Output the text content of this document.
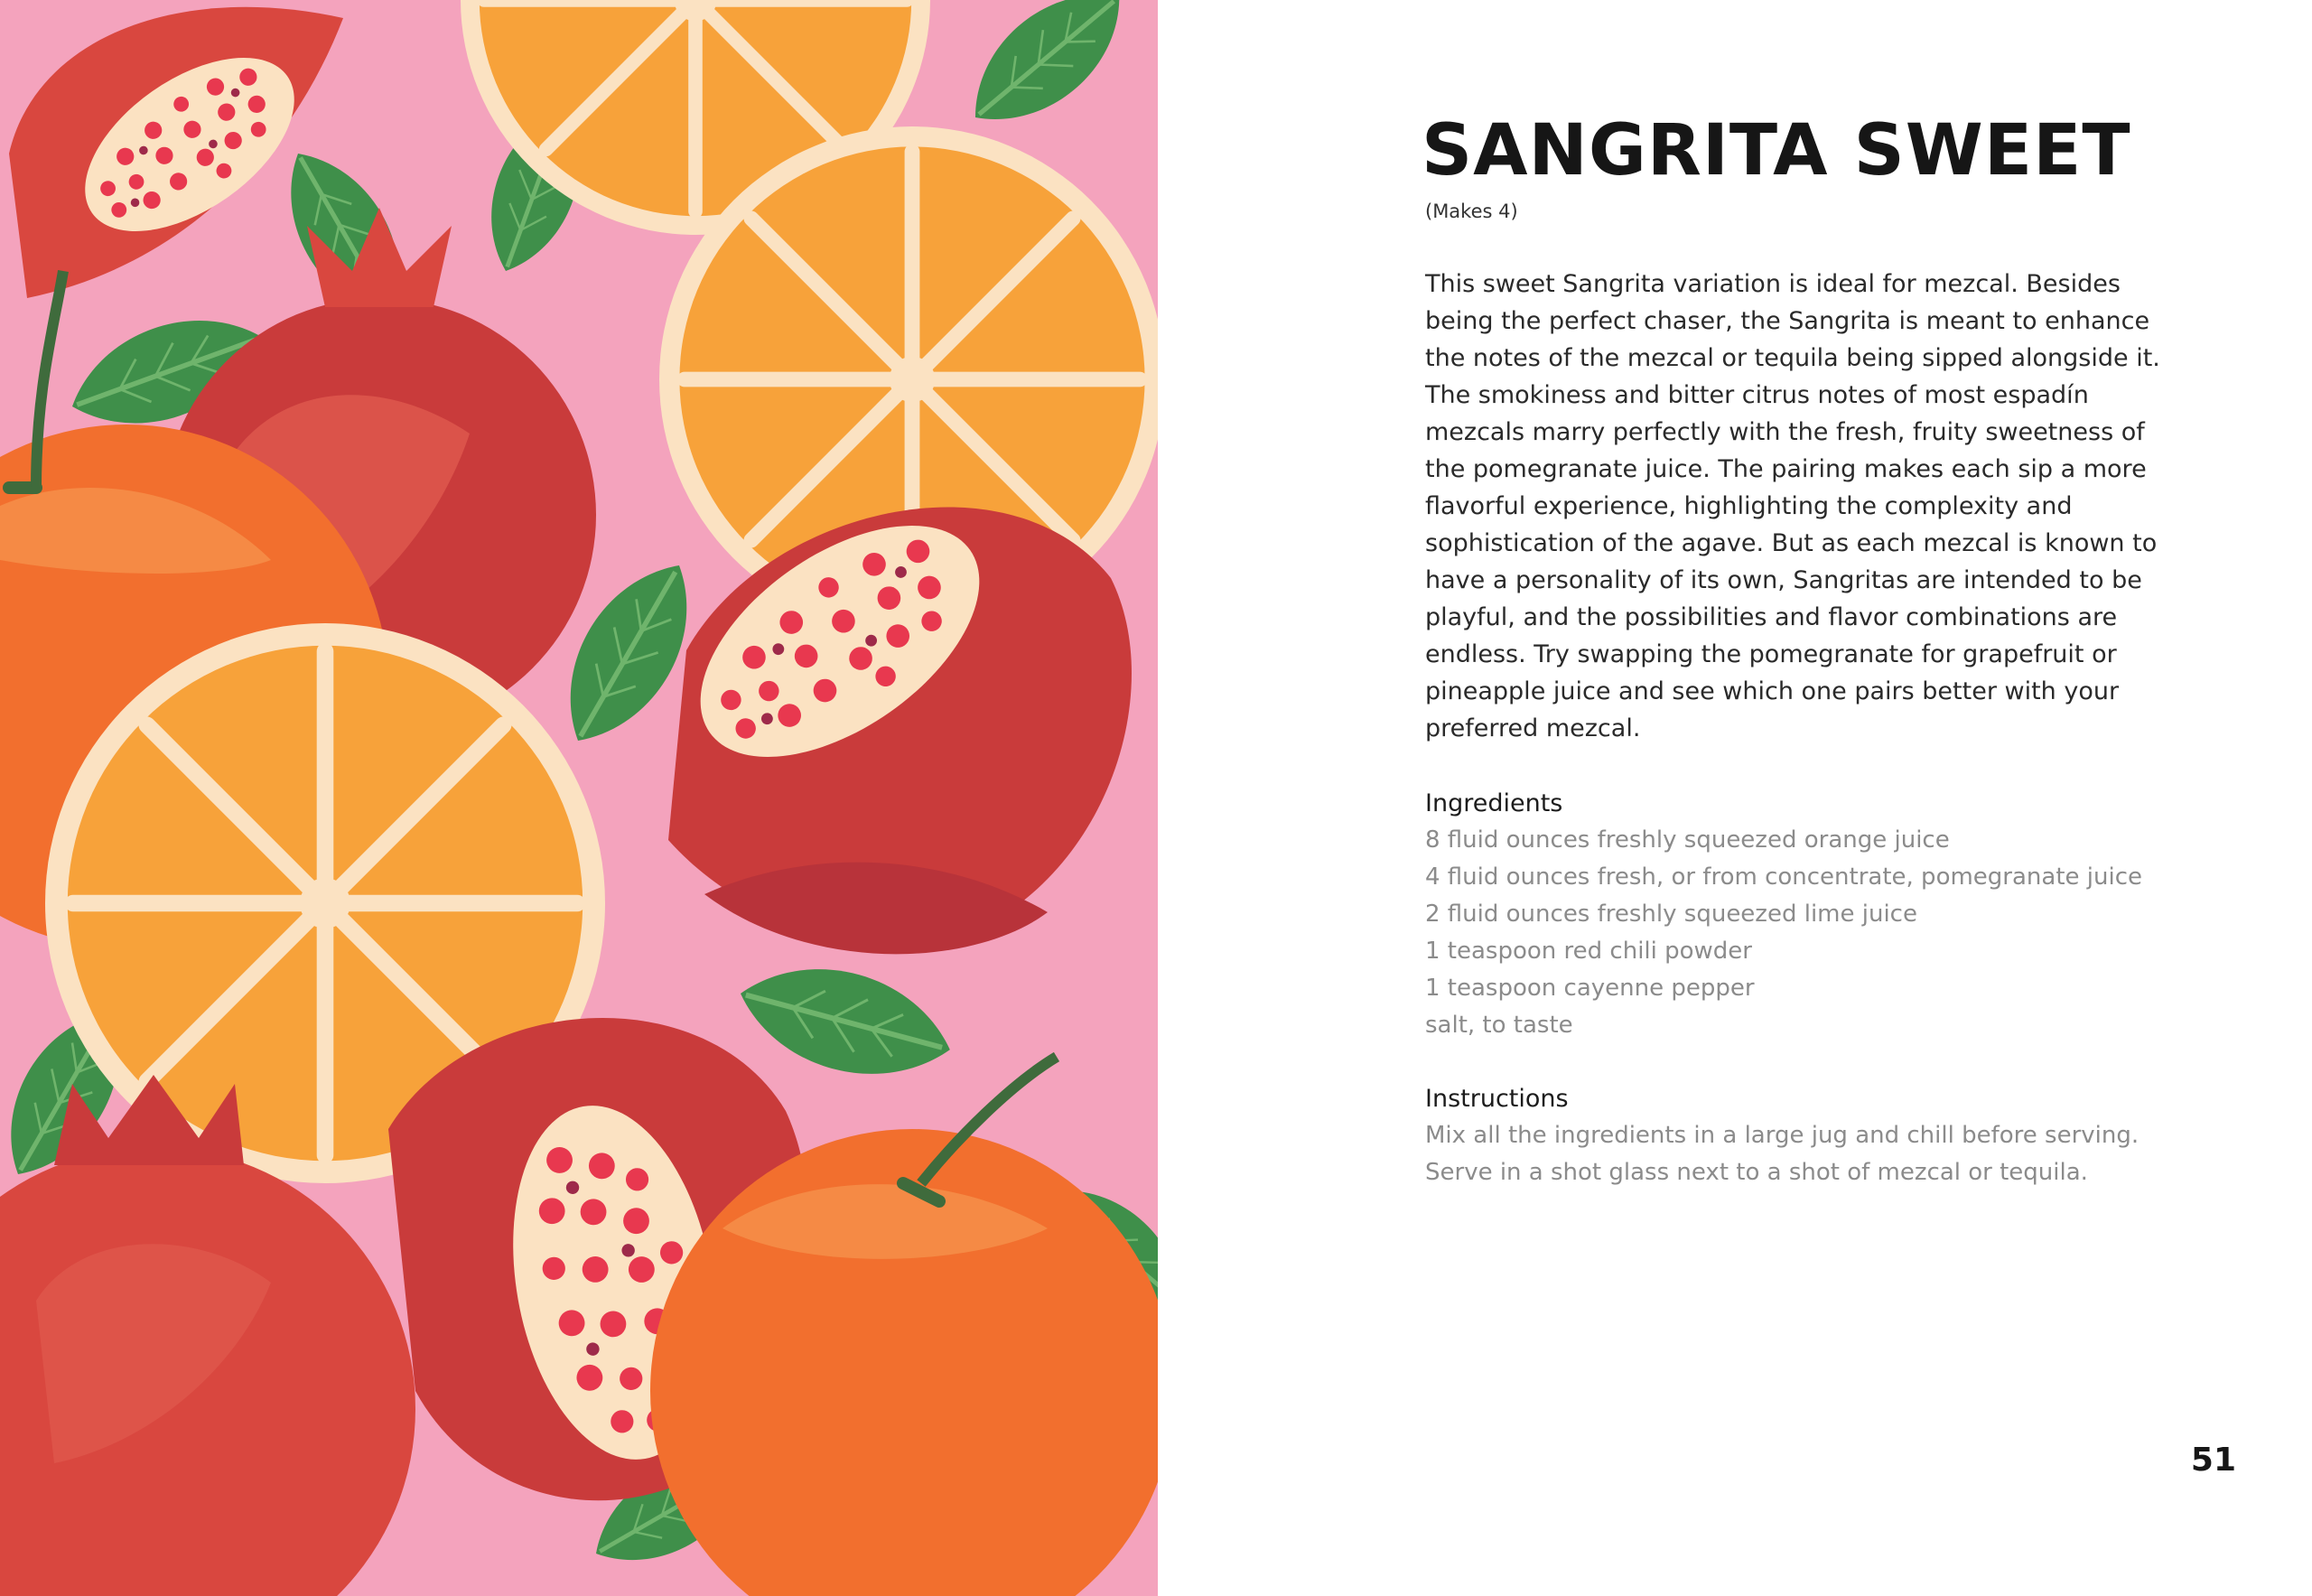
SANGRITA SWEET
(Makes 4)

This sweet Sangrita variation is ideal for mezcal. Besides being the perfect chaser, the Sangrita is meant to enhance the notes of the mezcal or tequila being sipped alongside it. The smokiness and bitter citrus notes of most espadín mezcals marry perfectly with the fresh, fruity sweetness of the pomegranate juice. The pairing makes each sip a more flavorful experience, highlighting the complexity and sophistication of the agave. But as each mezcal is known to have a personality of its own, Sangritas are intended to be playful, and the possibilities and flavor combinations are endless. Try swapping the pomegranate for grapefruit or pineapple juice and see which one pairs better with your preferred mezcal.

Ingredients
8 fluid ounces freshly squeezed orange juice
4 fluid ounces fresh, or from concentrate, pomegranate juice
2 fluid ounces freshly squeezed lime juice
1 teaspoon red chili powder
1 teaspoon cayenne pepper
salt, to taste
Instructions

Mix all the ingredients in a large jug and chill before serving.
Serve in a shot glass next to a shot of mezcal or tequila.

51
